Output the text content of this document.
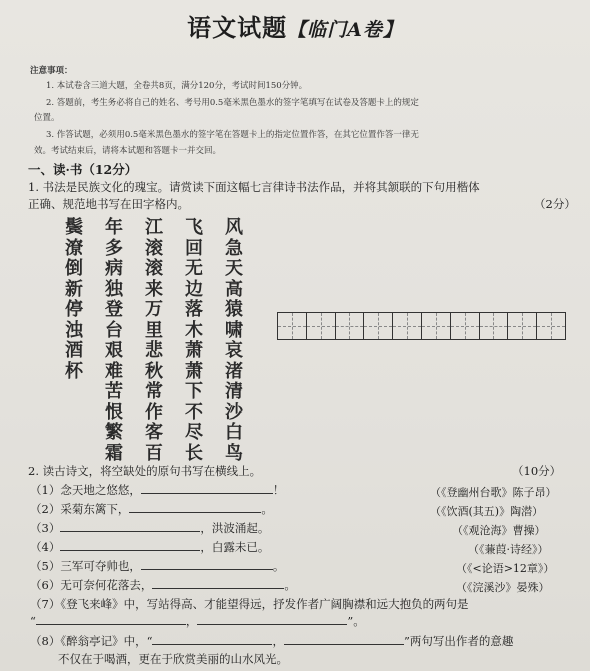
语文试题【临门A卷】
注意事项：
1. 本试卷含三道大题，全卷共8页，满分120分，考试时间150分钟。
2. 答题前，考生务必将自己的姓名、考号用0.5毫米黑色墨水的签字笔填写在试卷及答题卡上的规定
位置。
3. 作答试题，必须用0.5毫米黑色墨水的签字笔在答题卡上的指定位置作答，在其它位置作答一律无
效。考试结束后，请将本试题和答题卡一并交回。
一、读·书（12分）
1. 书法是民族文化的瑰宝。请赏读下面这幅七言律诗书法作品，并将其颔联的下句用楷体
正确、规范地书写在田字格内。	（2分）
风急天高猿啸哀渚清沙白鸟
飞回无边落木萧萧下不尽长
江滚滚来万里悲秋常作客百
年多病独登台艰难苦恨繁霜
鬓潦倒新停浊酒杯
2. 读古诗文，将空缺处的原句书写在横线上。	（10分）
（1）念天地之悠悠，	！	（《登幽州台歌》陈子昂）
（2）采菊东篱下，	。	（《饮酒(其五)》陶潜）
（3）	，洪波涌起。	（《观沧海》曹操）
（4）	，白露未已。	（《蒹葭·诗经》）
（5）三军可夺帅也，	。	（《<论语>12章》）
（6）无可奈何花落去，	。	（《浣溪沙》晏殊）
（7）《登飞来峰》中，写站得高、才能望得远，抒发作者广阔胸襟和远大抱负的两句是
“	，	”。
（8）《醉翁亭记》中，“	，	”两句写出作者的意趣
不仅在于喝酒，更在于欣赏美丽的山水风光。
